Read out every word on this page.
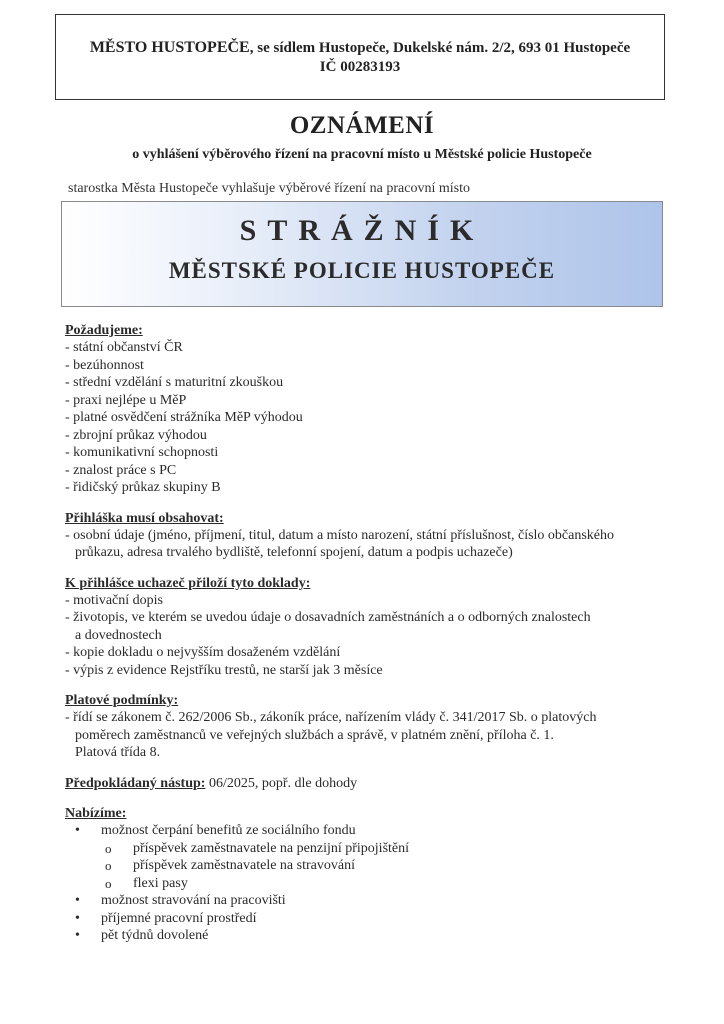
MĚSTO HUSTOPEČE, se sídlem Hustopeče, Dukelské nám. 2/2, 693 01 Hustopeče
IČ 00283193
OZNÁMENÍ
o vyhlášení výběrového řízení na pracovní místo u Městské policie Hustopeče
starostka Města Hustopeče vyhlašuje výběrové řízení na pracovní místo
STRÁŽNÍK
MĚSTSKÉ POLICIE HUSTOPEČE
Požadujeme:
- státní občanství ČR
- bezúhonnost
- střední vzdělání s maturitní zkouškou
- praxi nejlépe u MěP
- platné osvědčení strážníka MěP výhodou
- zbrojní průkaz výhodou
- komunikativní schopnosti
- znalost práce s PC
- řidičský průkaz skupiny B
Přihláška musí obsahovat:
- osobní údaje (jméno, příjmení, titul, datum a místo narození, státní příslušnost, číslo občanského
průkazu, adresa trvalého bydliště, telefonní spojení, datum a podpis uchazeče)
K přihlášce uchazeč přiloží tyto doklady:
- motivační dopis
- životopis, ve kterém se uvedou údaje o dosavadních zaměstnáních a o odborných znalostech
a dovednostech
- kopie dokladu o nejvyšším dosaženém vzdělání
- výpis z evidence Rejstříku trestů, ne starší jak 3 měsíce
Platové podmínky:
- řídí se zákonem č. 262/2006 Sb., zákoník práce, nařízením vlády č. 341/2017 Sb. o platových
poměrech zaměstnanců ve veřejných službách a správě, v platném znění, příloha č. 1.
Platová třída 8.
Předpokládaný nástup: 06/2025, popř. dle dohody
Nabízíme:
• možnost čerpání benefitů ze sociálního fondu
o příspěvek zaměstnavatele na penzijní připojištění
o příspěvek zaměstnavatele na stravování
o flexi pasy
• možnost stravování na pracovišti
• příjemné pracovní prostředí
• pět týdnů dovolené
